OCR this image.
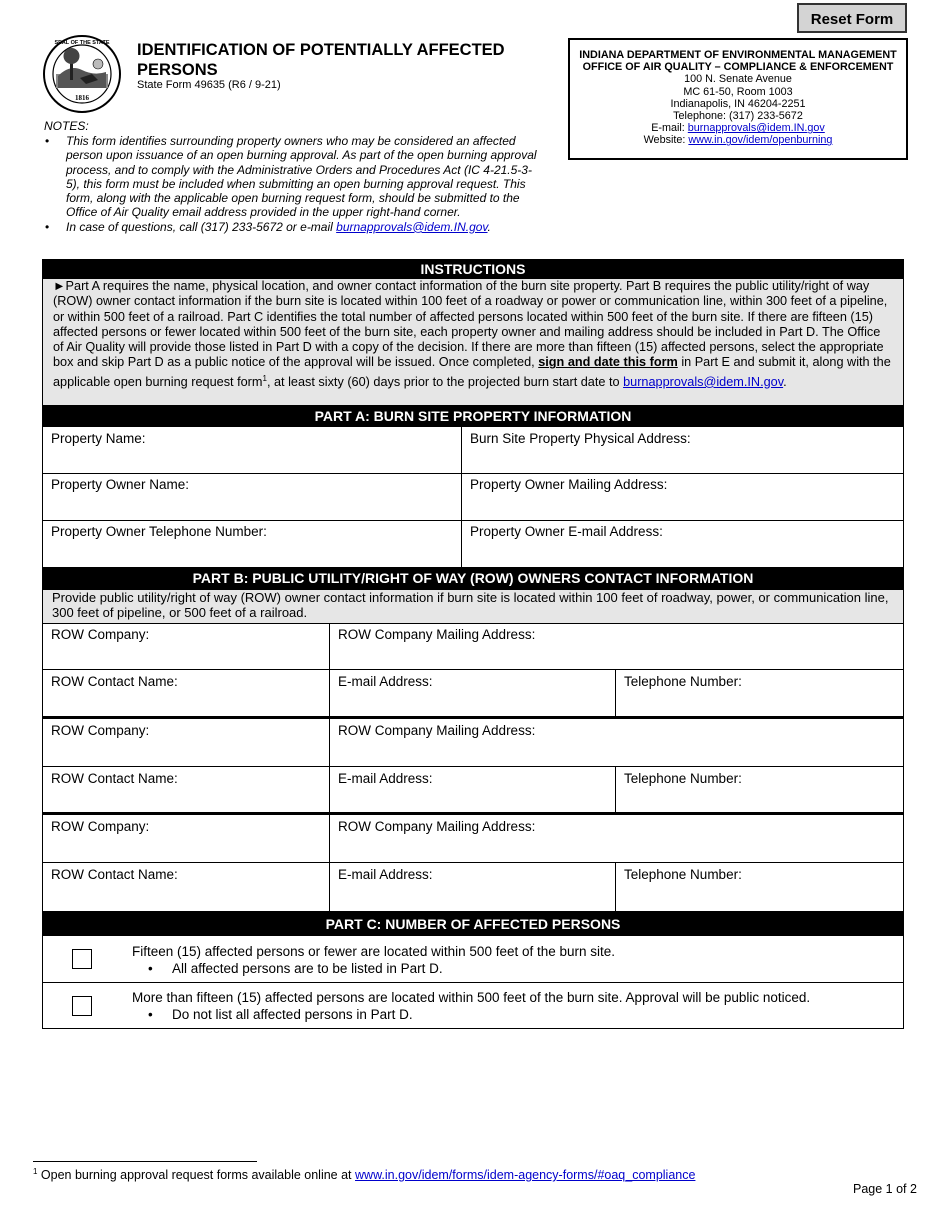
Reset Form
1816
SEAL OF THE STATE IDENTIFICATION OF POTENTIALLY AFFECTED PERSONS
State Form 49635 (R6 / 9-21)
INDIANA DEPARTMENT OF ENVIRONMENTAL MANAGEMENT
OFFICE OF AIR QUALITY – COMPLIANCE & ENFORCEMENT
100 N. Senate Avenue
MC 61-50, Room 1003
Indianapolis, IN 46204-2251
Telephone: (317) 233-5672
E-mail: burnapprovals@idem.IN.gov
Website: www.in.gov/idem/openburning
NOTES:
• This form identifies surrounding property owners who may be considered an affected person upon issuance of an open burning approval. As part of the open burning approval process, and to comply with the Administrative Orders and Procedures Act (IC 4-21.5-3-5), this form must be included when submitting an open burning approval request. This form, along with the applicable open burning request form, should be submitted to the Office of Air Quality email address provided in the upper right-hand corner.
• In case of questions, call (317) 233-5672 or e-mail burnapprovals@idem.IN.gov.
INSTRUCTIONS
►Part A requires the name, physical location, and owner contact information of the burn site property. Part B requires the public utility/right of way (ROW) owner contact information if the burn site is located within 100 feet of a roadway or power or communication line, within 300 feet of a pipeline, or within 500 feet of a railroad. Part C identifies the total number of affected persons located within 500 feet of the burn site. If there are fifteen (15) affected persons or fewer located within 500 feet of the burn site, each property owner and mailing address should be included in Part D. The Office of Air Quality will provide those listed in Part D with a copy of the decision. If there are more than fifteen (15) affected persons, select the appropriate box and skip Part D as a public notice of the approval will be issued. Once completed, sign and date this form in Part E and submit it, along with the applicable open burning request form$^1$, at least sixty (60) days prior to the projected burn start date to burnapprovals@idem.IN.gov.
PART A: BURN SITE PROPERTY INFORMATION
Property Name:	Burn Site Property Physical Address:
Property Owner Name:	Property Owner Mailing Address:
Property Owner Telephone Number:	Property Owner E-mail Address:
PART B: PUBLIC UTILITY/RIGHT OF WAY (ROW) OWNERS CONTACT INFORMATION
Provide public utility/right of way (ROW) owner contact information if burn site is located within 100 feet of roadway, power, or communication line, 300 feet of pipeline, or 500 feet of a railroad.
ROW Company:	ROW Company Mailing Address:
ROW Contact Name:	E-mail Address:	Telephone Number:
ROW Company:	ROW Company Mailing Address:
ROW Contact Name:	E-mail Address:	Telephone Number:
ROW Company:	ROW Company Mailing Address:
ROW Contact Name:	E-mail Address:	Telephone Number:
PART C: NUMBER OF AFFECTED PERSONS
Fifteen (15) affected persons or fewer are located within 500 feet of the burn site.
• All affected persons are to be listed in Part D.
More than fifteen (15) affected persons are located within 500 feet of the burn site. Approval will be public noticed.
• Do not list all affected persons in Part D.
$^1$ Open burning approval request forms available online at www.in.gov/idem/forms/idem-agency-forms/#oaq_compliance
Page 1 of 2
